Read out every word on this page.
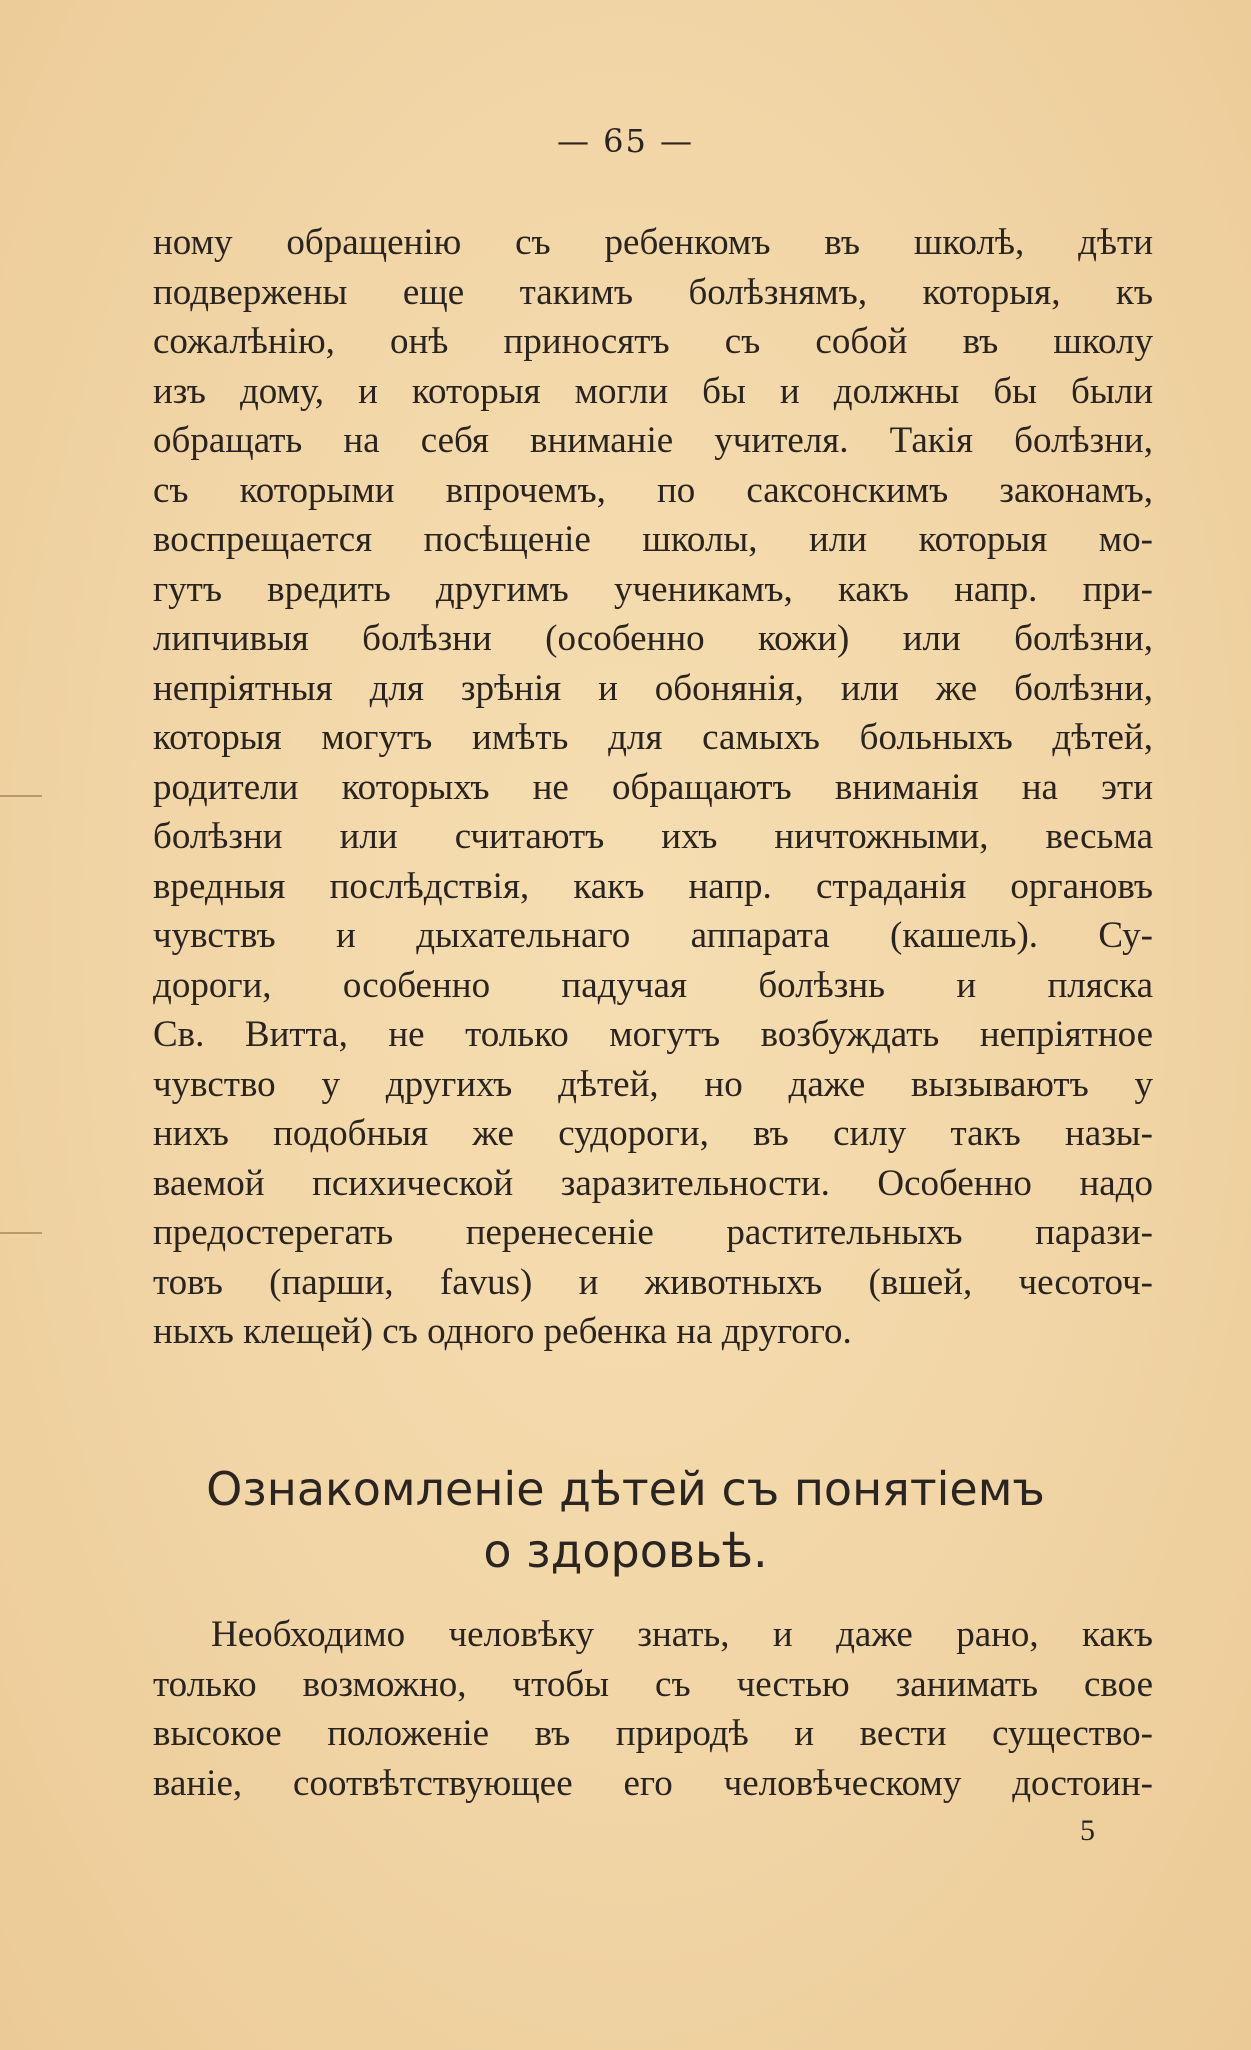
— 65 —
ному обращенію съ ребенкомъ въ школѣ, дѣти
подвержены еще такимъ болѣзнямъ, которыя, къ
сожалѣнію, онѣ приносятъ съ собой въ школу
изъ дому, и которыя могли бы и должны бы были
обращать на себя вниманіе учителя. Такія болѣзни,
съ которыми впрочемъ, по саксонскимъ законамъ,
воспрещается посѣщеніе школы, или которыя мо-
гутъ вредить другимъ ученикамъ, какъ напр. при-
липчивыя болѣзни (особенно кожи) или болѣзни,
непріятныя для зрѣнія и обонянія, или же болѣзни,
которыя могутъ имѣть для самыхъ больныхъ дѣтей,
родители которыхъ не обращаютъ вниманія на эти
болѣзни или считаютъ ихъ ничтожными, весьма
вредныя послѣдствія, какъ напр. страданія органовъ
чувствъ и дыхательнаго аппарата (кашель). Су-
дороги, особенно падучая болѣзнь и пляска
Св. Витта, не только могутъ возбуждать непріятное
чувство у другихъ дѣтей, но даже вызываютъ у
нихъ подобныя же судороги, въ силу такъ назы-
ваемой психической заразительности. Особенно надо
предостерегать перенесеніе растительныхъ парази-
товъ (парши, favus) и животныхъ (вшей, чесоточ-
ныхъ клещей) съ одного ребенка на другого.
Ознакомленіе дѣтей съ понятіемъ
о здоровьѣ.
Необходимо человѣку знать, и даже рано, какъ
только возможно, чтобы съ честью занимать свое
высокое положеніе въ природѣ и вести существо-
ваніе, соотвѣтствующее его человѣческому достоин-
5
